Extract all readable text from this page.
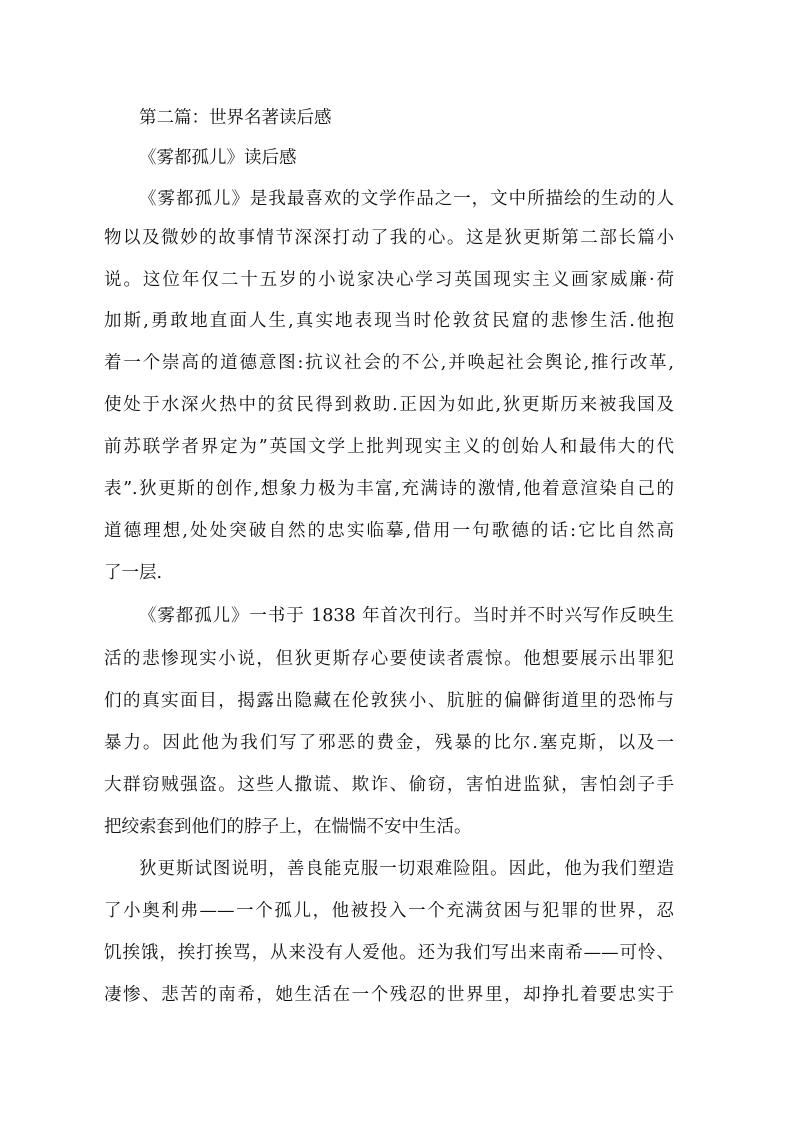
第二篇：世界名著读后感
《雾都孤儿》读后感
《雾都孤儿》是我最喜欢的文学作品之一，文中所描绘的生动的人
物以及微妙的故事情节深深打动了我的心。这是狄更斯第二部长篇小
说。这位年仅二十五岁的小说家决心学习英国现实主义画家威廉·荷
加斯,勇敢地直面人生,真实地表现当时伦敦贫民窟的悲惨生活.他抱
着一个崇高的道德意图:抗议社会的不公,并唤起社会舆论,推行改革,
使处于水深火热中的贫民得到救助.正因为如此,狄更斯历来被我国及
前苏联学者界定为”英国文学上批判现实主义的创始人和最伟大的代
表”.狄更斯的创作,想象力极为丰富,充满诗的激情,他着意渲染自己的
道德理想,处处突破自然的忠实临摹,借用一句歌德的话:它比自然高
了一层.
《雾都孤儿》一书于 1838 年首次刊行。当时并不时兴写作反映生
活的悲惨现实小说，但狄更斯存心要使读者震惊。他想要展示出罪犯
们的真实面目，揭露出隐藏在伦敦狭小、肮脏的偏僻街道里的恐怖与
暴力。因此他为我们写了邪恶的费金，残暴的比尔.塞克斯，以及一
大群窃贼强盗。这些人撒谎、欺诈、偷窃，害怕进监狱，害怕刽子手
把绞索套到他们的脖子上，在惴惴不安中生活。
狄更斯试图说明，善良能克服一切艰难险阻。因此，他为我们塑造
了小奥利弗——一个孤儿，他被投入一个充满贫困与犯罪的世界，忍
饥挨饿，挨打挨骂，从来没有人爱他。还为我们写出来南希——可怜、
凄惨、悲苦的南希，她生活在一个残忍的世界里，却挣扎着要忠实于
